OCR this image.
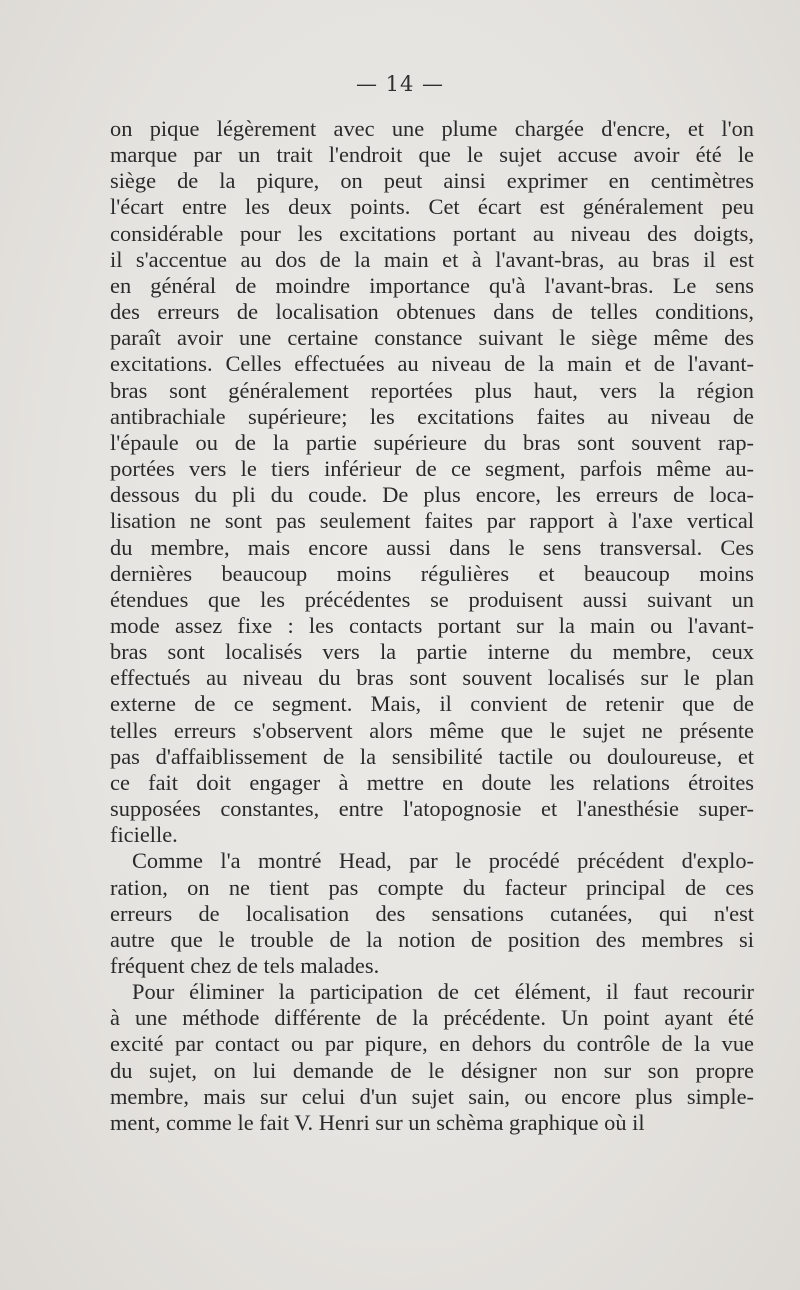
— 14 —
on pique légèrement avec une plume chargée d'encre, et l'on
marque par un trait l'endroit que le sujet accuse avoir été le
siège de la piqure, on peut ainsi exprimer en centimètres
l'écart entre les deux points. Cet écart est généralement peu
considérable pour les excitations portant au niveau des doigts,
il s'accentue au dos de la main et à l'avant-bras, au bras il est
en général de moindre importance qu'à l'avant-bras. Le sens
des erreurs de localisation obtenues dans de telles conditions,
paraît avoir une certaine constance suivant le siège même des
excitations. Celles effectuées au niveau de la main et de l'avant-
bras sont généralement reportées plus haut, vers la région
antibrachiale supérieure; les excitations faites au niveau de
l'épaule ou de la partie supérieure du bras sont souvent rap-
portées vers le tiers inférieur de ce segment, parfois même au-
dessous du pli du coude. De plus encore, les erreurs de loca-
lisation ne sont pas seulement faites par rapport à l'axe vertical
du membre, mais encore aussi dans le sens transversal. Ces
dernières beaucoup moins régulières et beaucoup moins
étendues que les précédentes se produisent aussi suivant un
mode assez fixe : les contacts portant sur la main ou l'avant-
bras sont localisés vers la partie interne du membre, ceux
effectués au niveau du bras sont souvent localisés sur le plan
externe de ce segment. Mais, il convient de retenir que de
telles erreurs s'observent alors même que le sujet ne présente
pas d'affaiblissement de la sensibilité tactile ou douloureuse, et
ce fait doit engager à mettre en doute les relations étroites
supposées constantes, entre l'atopognosie et l'anesthésie super-
ficielle.
Comme l'a montré Head, par le procédé précédent d'explo-
ration, on ne tient pas compte du facteur principal de ces
erreurs de localisation des sensations cutanées, qui n'est
autre que le trouble de la notion de position des membres si
fréquent chez de tels malades.
Pour éliminer la participation de cet élément, il faut recourir
à une méthode différente de la précédente. Un point ayant été
excité par contact ou par piqure, en dehors du contrôle de la vue
du sujet, on lui demande de le désigner non sur son propre
membre, mais sur celui d'un sujet sain, ou encore plus simple-
ment, comme le fait V. Henri sur un schèma graphique où il
